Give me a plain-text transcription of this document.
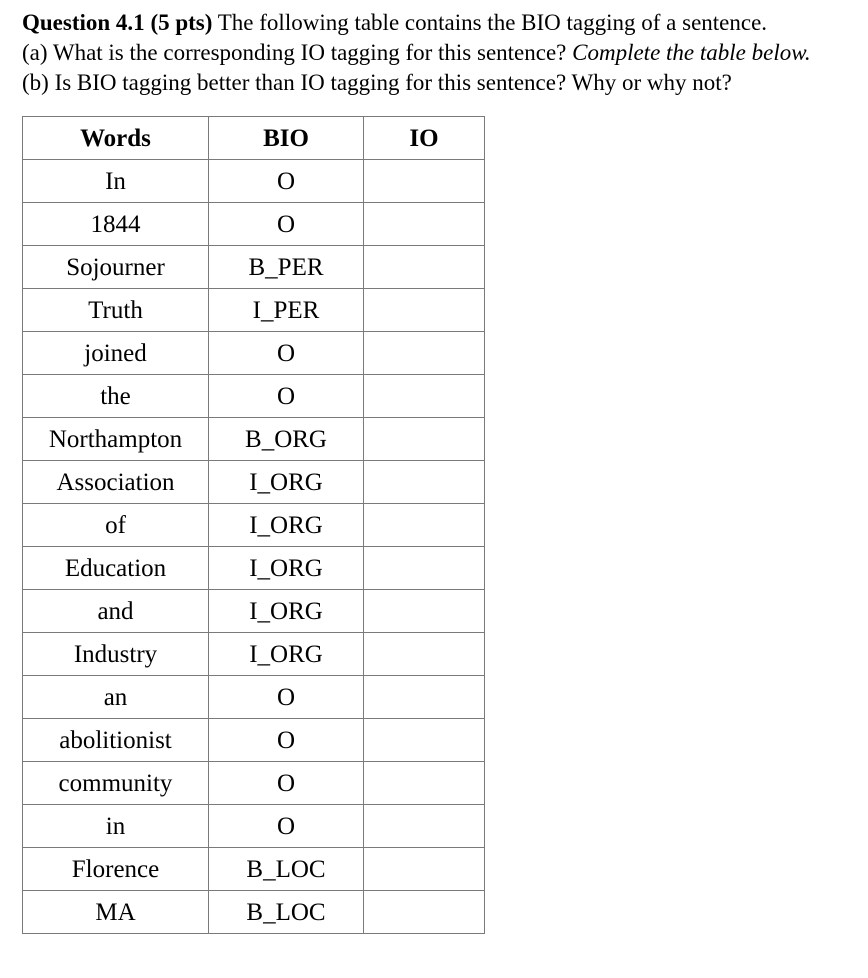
Question 4.1 (5 pts) The following table contains the BIO tagging of a sentence.
(a) What is the corresponding IO tagging for this sentence? Complete the table below.
(b) Is BIO tagging better than IO tagging for this sentence? Why or why not?
Words	BIO	IO
In	O	
1844	O	
Sojourner	B_PER	
Truth	I_PER	
joined	O	
the	O	
Northampton	B_ORG	
Association	I_ORG	
of	I_ORG	
Education	I_ORG	
and	I_ORG	
Industry	I_ORG	
an	O	
abolitionist	O	
community	O	
in	O	
Florence	B_LOC	
MA	B_LOC	
